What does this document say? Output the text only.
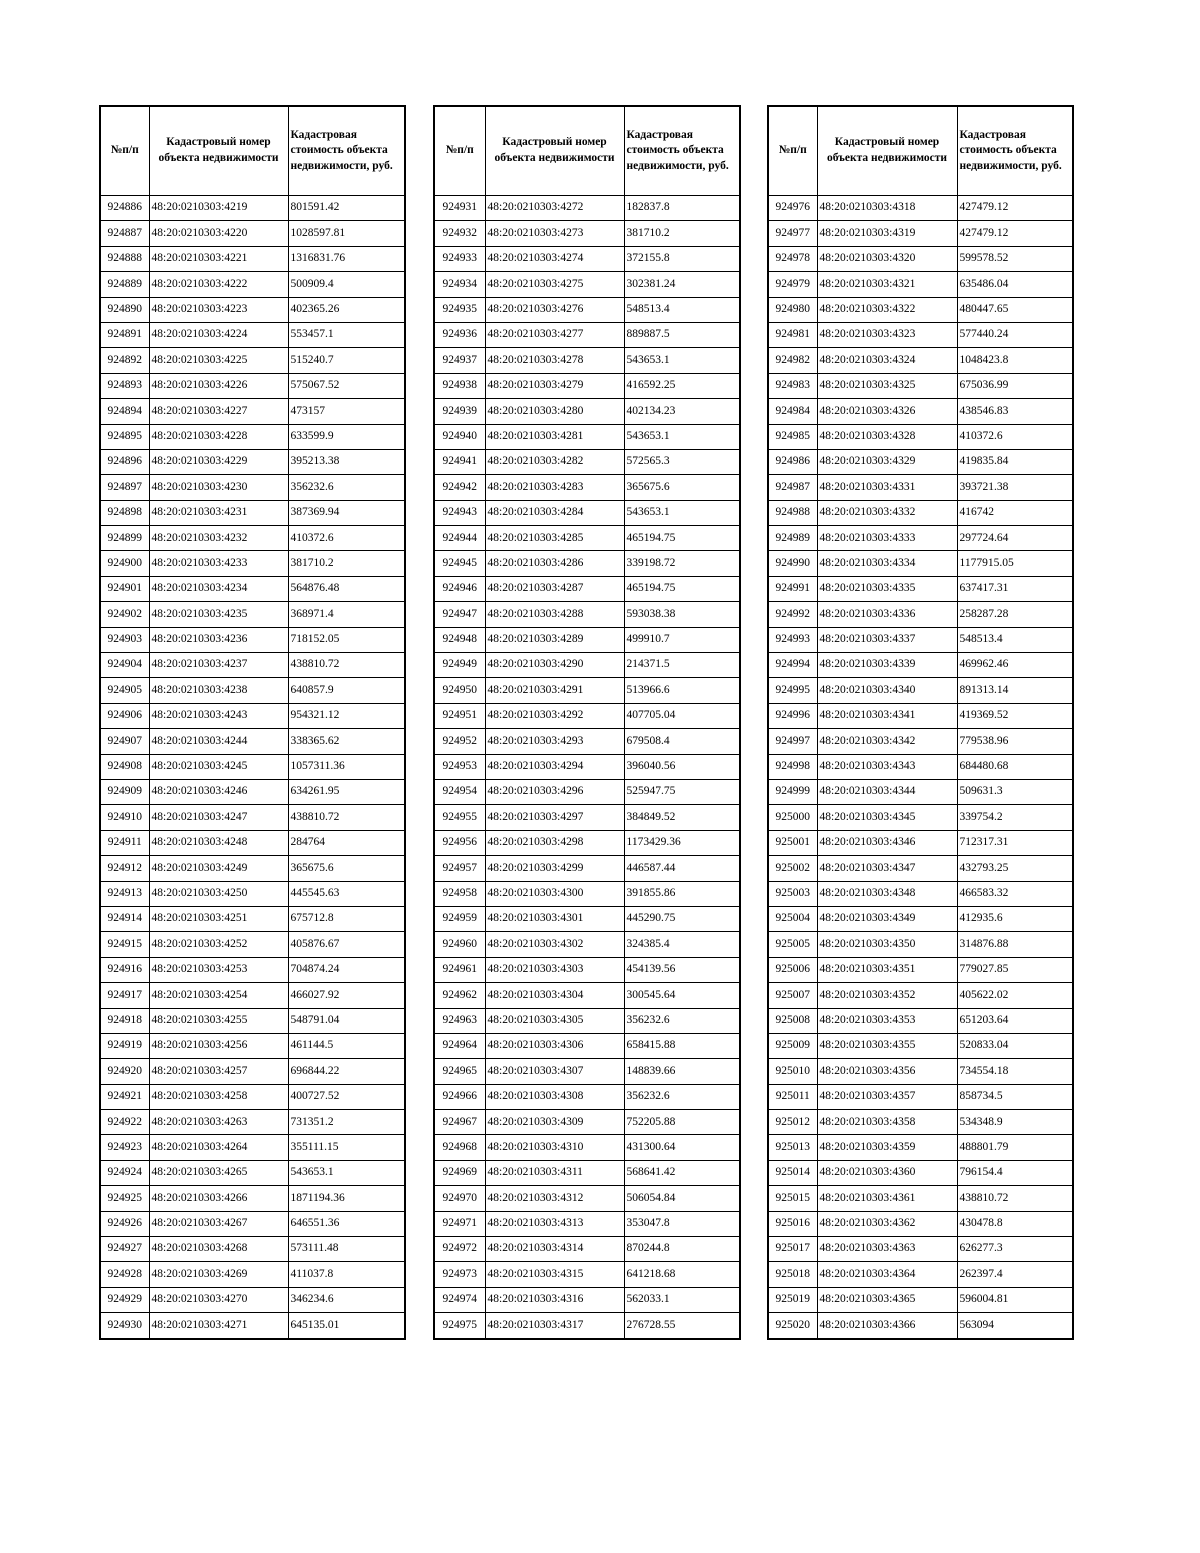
№п/п	Кадастровый номер объекта недвижимости	Кадастровая стоимость объекта недвижимости, руб.
924886	48:20:0210303:4219	801591.42
924887	48:20:0210303:4220	1028597.81
924888	48:20:0210303:4221	1316831.76
924889	48:20:0210303:4222	500909.4
924890	48:20:0210303:4223	402365.26
924891	48:20:0210303:4224	553457.1
924892	48:20:0210303:4225	515240.7
924893	48:20:0210303:4226	575067.52
924894	48:20:0210303:4227	473157
924895	48:20:0210303:4228	633599.9
924896	48:20:0210303:4229	395213.38
924897	48:20:0210303:4230	356232.6
924898	48:20:0210303:4231	387369.94
924899	48:20:0210303:4232	410372.6
924900	48:20:0210303:4233	381710.2
924901	48:20:0210303:4234	564876.48
924902	48:20:0210303:4235	368971.4
924903	48:20:0210303:4236	718152.05
924904	48:20:0210303:4237	438810.72
924905	48:20:0210303:4238	640857.9
924906	48:20:0210303:4243	954321.12
924907	48:20:0210303:4244	338365.62
924908	48:20:0210303:4245	1057311.36
924909	48:20:0210303:4246	634261.95
924910	48:20:0210303:4247	438810.72
924911	48:20:0210303:4248	284764
924912	48:20:0210303:4249	365675.6
924913	48:20:0210303:4250	445545.63
924914	48:20:0210303:4251	675712.8
924915	48:20:0210303:4252	405876.67
924916	48:20:0210303:4253	704874.24
924917	48:20:0210303:4254	466027.92
924918	48:20:0210303:4255	548791.04
924919	48:20:0210303:4256	461144.5
924920	48:20:0210303:4257	696844.22
924921	48:20:0210303:4258	400727.52
924922	48:20:0210303:4263	731351.2
924923	48:20:0210303:4264	355111.15
924924	48:20:0210303:4265	543653.1
924925	48:20:0210303:4266	1871194.36
924926	48:20:0210303:4267	646551.36
924927	48:20:0210303:4268	573111.48
924928	48:20:0210303:4269	411037.8
924929	48:20:0210303:4270	346234.6
924930	48:20:0210303:4271	645135.01
№п/п	Кадастровый номер объекта недвижимости	Кадастровая стоимость объекта недвижимости, руб.
924931	48:20:0210303:4272	182837.8
924932	48:20:0210303:4273	381710.2
924933	48:20:0210303:4274	372155.8
924934	48:20:0210303:4275	302381.24
924935	48:20:0210303:4276	548513.4
924936	48:20:0210303:4277	889887.5
924937	48:20:0210303:4278	543653.1
924938	48:20:0210303:4279	416592.25
924939	48:20:0210303:4280	402134.23
924940	48:20:0210303:4281	543653.1
924941	48:20:0210303:4282	572565.3
924942	48:20:0210303:4283	365675.6
924943	48:20:0210303:4284	543653.1
924944	48:20:0210303:4285	465194.75
924945	48:20:0210303:4286	339198.72
924946	48:20:0210303:4287	465194.75
924947	48:20:0210303:4288	593038.38
924948	48:20:0210303:4289	499910.7
924949	48:20:0210303:4290	214371.5
924950	48:20:0210303:4291	513966.6
924951	48:20:0210303:4292	407705.04
924952	48:20:0210303:4293	679508.4
924953	48:20:0210303:4294	396040.56
924954	48:20:0210303:4296	525947.75
924955	48:20:0210303:4297	384849.52
924956	48:20:0210303:4298	1173429.36
924957	48:20:0210303:4299	446587.44
924958	48:20:0210303:4300	391855.86
924959	48:20:0210303:4301	445290.75
924960	48:20:0210303:4302	324385.4
924961	48:20:0210303:4303	454139.56
924962	48:20:0210303:4304	300545.64
924963	48:20:0210303:4305	356232.6
924964	48:20:0210303:4306	658415.88
924965	48:20:0210303:4307	148839.66
924966	48:20:0210303:4308	356232.6
924967	48:20:0210303:4309	752205.88
924968	48:20:0210303:4310	431300.64
924969	48:20:0210303:4311	568641.42
924970	48:20:0210303:4312	506054.84
924971	48:20:0210303:4313	353047.8
924972	48:20:0210303:4314	870244.8
924973	48:20:0210303:4315	641218.68
924974	48:20:0210303:4316	562033.1
924975	48:20:0210303:4317	276728.55
№п/п	Кадастровый номер объекта недвижимости	Кадастровая стоимость объекта недвижимости, руб.
924976	48:20:0210303:4318	427479.12
924977	48:20:0210303:4319	427479.12
924978	48:20:0210303:4320	599578.52
924979	48:20:0210303:4321	635486.04
924980	48:20:0210303:4322	480447.65
924981	48:20:0210303:4323	577440.24
924982	48:20:0210303:4324	1048423.8
924983	48:20:0210303:4325	675036.99
924984	48:20:0210303:4326	438546.83
924985	48:20:0210303:4328	410372.6
924986	48:20:0210303:4329	419835.84
924987	48:20:0210303:4331	393721.38
924988	48:20:0210303:4332	416742
924989	48:20:0210303:4333	297724.64
924990	48:20:0210303:4334	1177915.05
924991	48:20:0210303:4335	637417.31
924992	48:20:0210303:4336	258287.28
924993	48:20:0210303:4337	548513.4
924994	48:20:0210303:4339	469962.46
924995	48:20:0210303:4340	891313.14
924996	48:20:0210303:4341	419369.52
924997	48:20:0210303:4342	779538.96
924998	48:20:0210303:4343	684480.68
924999	48:20:0210303:4344	509631.3
925000	48:20:0210303:4345	339754.2
925001	48:20:0210303:4346	712317.31
925002	48:20:0210303:4347	432793.25
925003	48:20:0210303:4348	466583.32
925004	48:20:0210303:4349	412935.6
925005	48:20:0210303:4350	314876.88
925006	48:20:0210303:4351	779027.85
925007	48:20:0210303:4352	405622.02
925008	48:20:0210303:4353	651203.64
925009	48:20:0210303:4355	520833.04
925010	48:20:0210303:4356	734554.18
925011	48:20:0210303:4357	858734.5
925012	48:20:0210303:4358	534348.9
925013	48:20:0210303:4359	488801.79
925014	48:20:0210303:4360	796154.4
925015	48:20:0210303:4361	438810.72
925016	48:20:0210303:4362	430478.8
925017	48:20:0210303:4363	626277.3
925018	48:20:0210303:4364	262397.4
925019	48:20:0210303:4365	596004.81
925020	48:20:0210303:4366	563094
